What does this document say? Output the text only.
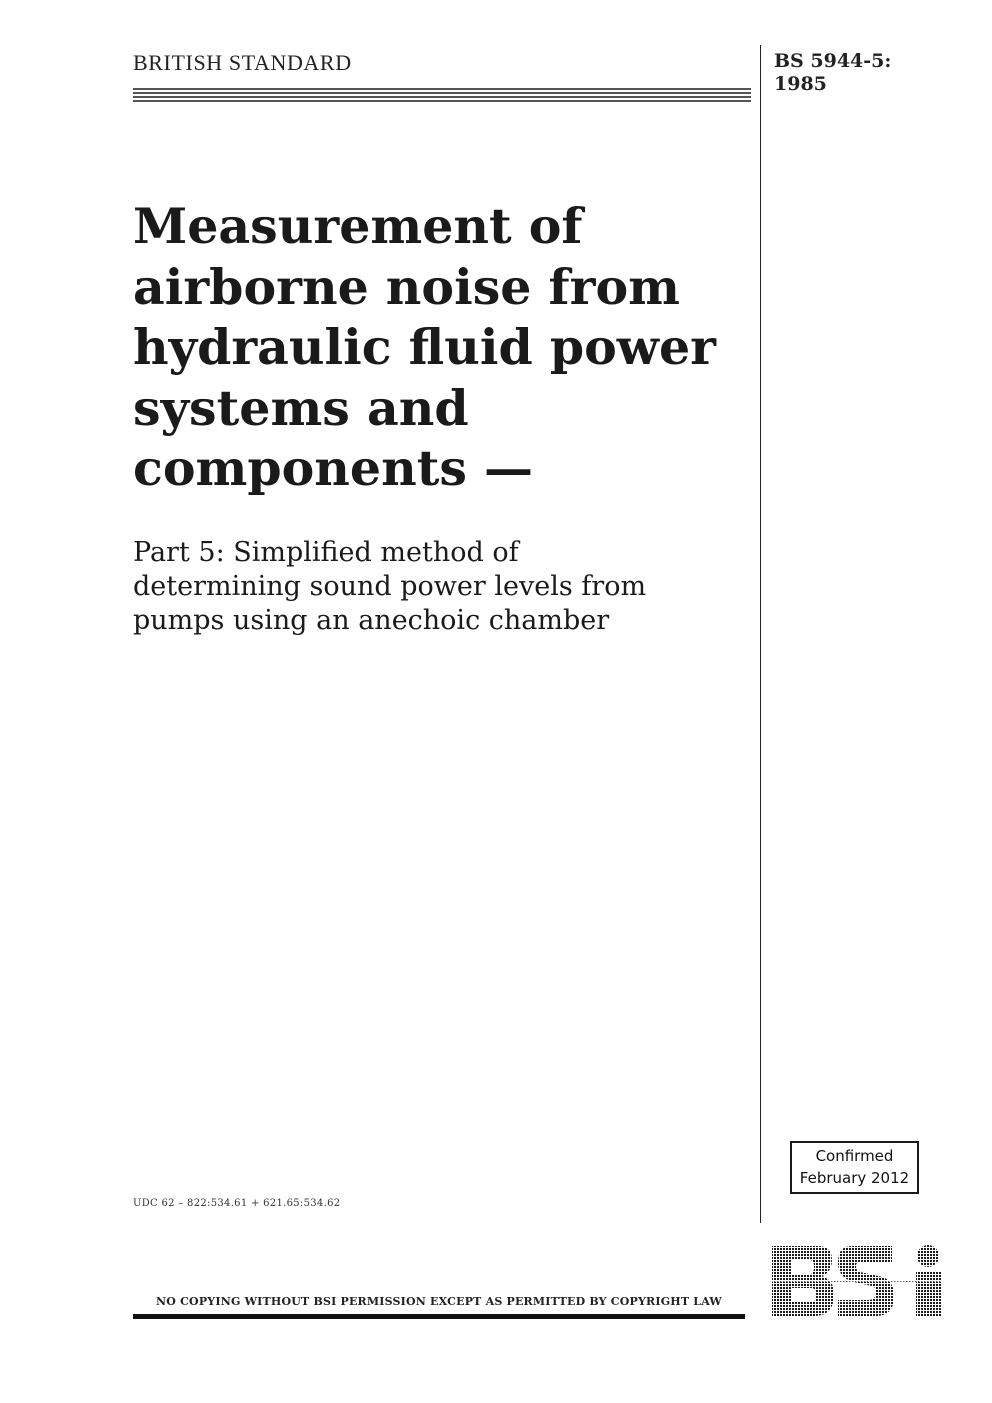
BRITISH STANDARD	BS 5944-5:
1985
Measurement of
airborne noise from
hydraulic fluid power
systems and
components —
Part 5: Simplified method of
determining sound power levels from
pumps using an anechoic chamber
UDC 62 – 822:534.61 + 621.65:534.62
Confirmed
February 2012
NO COPYING WITHOUT BSI PERMISSION EXCEPT AS PERMITTED BY COPYRIGHT LAW
